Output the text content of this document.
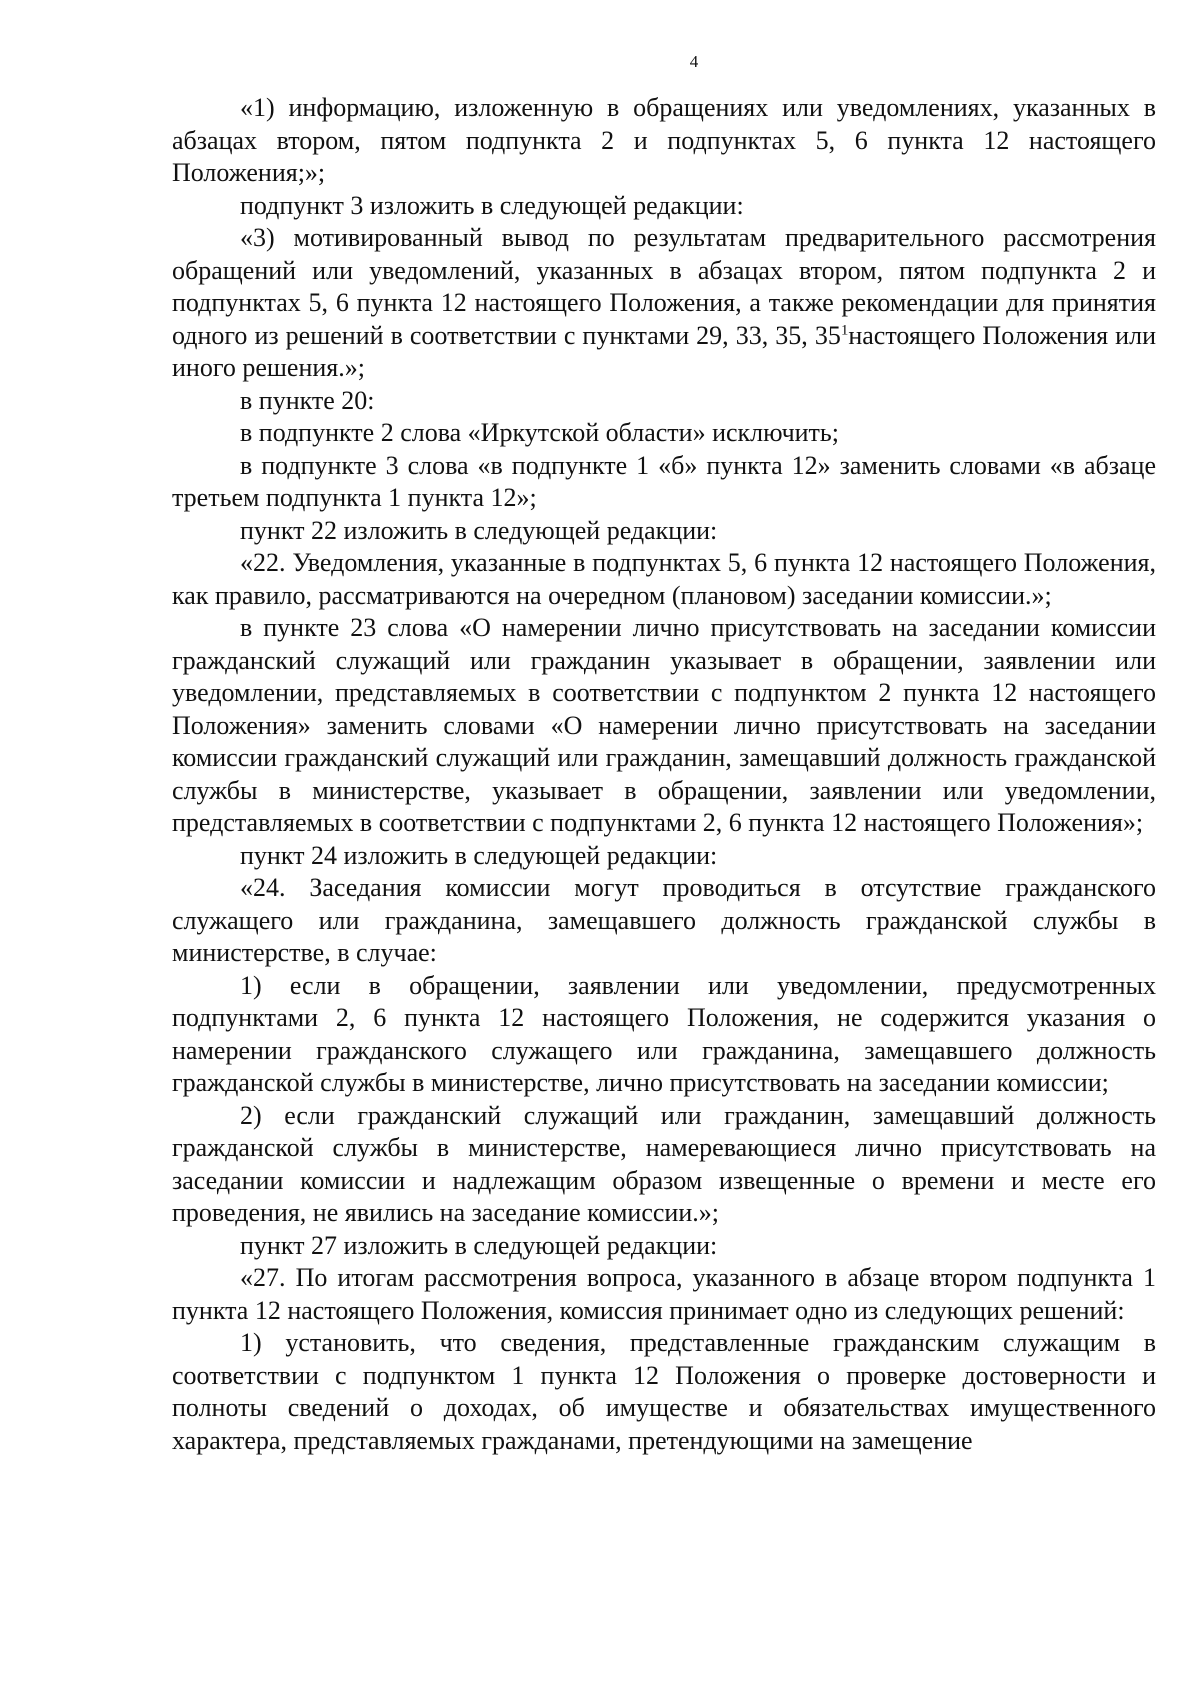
4

«1) информацию, изложенную в обращениях или уведомлениях, указанных в абзацах втором, пятом подпункта 2 и подпунктах 5, 6 пункта 12 настоящего Положения;»;

подпункт 3 изложить в следующей редакции:

«3) мотивированный вывод по результатам предварительного рассмотрения обращений или уведомлений, указанных в абзацах втором, пятом подпункта 2 и подпунктах 5, 6 пункта 12 настоящего Положения, а также рекомендации для принятия одного из решений в соответствии с пунктами 29, 33, 35, $35^1настоящего$ Положения или иного решения.»;

в пункте 20:

в подпункте 2 слова «Иркутской области» исключить;

в подпункте 3 слова «в подпункте 1 «б» пункта 12» заменить словами «в абзаце третьем подпункта 1 пункта 12»;

пункт 22 изложить в следующей редакции:

«22. Уведомления, указанные в подпунктах 5, 6 пункта 12 настоящего Положения, как правило, рассматриваются на очередном (плановом) заседании комиссии.»;

в пункте 23 слова «О намерении лично присутствовать на заседании комиссии гражданский служащий или гражданин указывает в обращении, заявлении или уведомлении, представляемых в соответствии с подпунктом 2 пункта 12 настоящего Положения» заменить словами «О намерении лично присутствовать на заседании комиссии гражданский служащий или гражданин, замещавший должность гражданской службы в министерстве, указывает в обращении, заявлении или уведомлении, представляемых в соответствии с подпунктами 2, 6 пункта 12 настоящего Положения»;

пункт 24 изложить в следующей редакции:

«24. Заседания комиссии могут проводиться в отсутствие гражданского служащего или гражданина, замещавшего должность гражданской службы в министерстве, в случае:

1) если в обращении, заявлении или уведомлении, предусмотренных подпунктами 2, 6 пункта 12 настоящего Положения, не содержится указания о намерении гражданского служащего или гражданина, замещавшего должность гражданской службы в министерстве, лично присутствовать на заседании комиссии;

2) если гражданский служащий или гражданин, замещавший должность гражданской службы в министерстве, намеревающиеся лично присутствовать на заседании комиссии и надлежащим образом извещенные о времени и месте его проведения, не явились на заседание комиссии.»;

пункт 27 изложить в следующей редакции:

«27. По итогам рассмотрения вопроса, указанного в абзаце втором подпункта 1 пункта 12 настоящего Положения, комиссия принимает одно из следующих решений:

1) установить, что сведения, представленные гражданским служащим в соответствии с подпунктом 1 пункта 12 Положения о проверке достоверности и полноты сведений о доходах, об имуществе и обязательствах имущественного характера, представляемых гражданами, претендующими на замещение
